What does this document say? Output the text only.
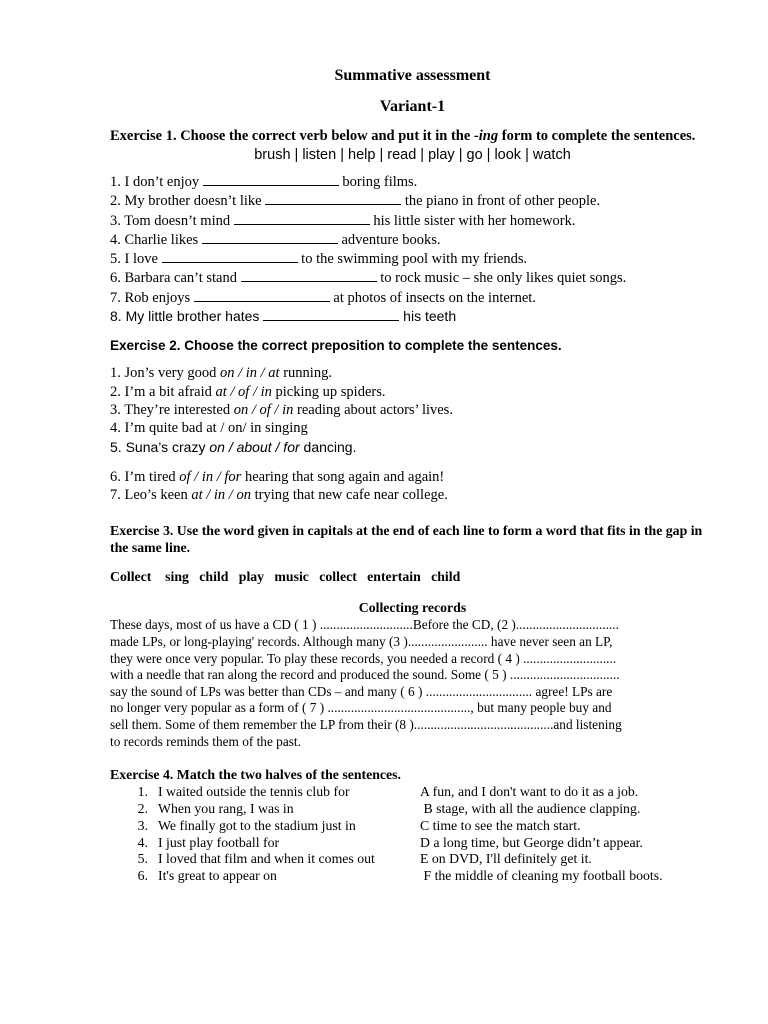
Summative assessment
Variant-1
Exercise 1. Choose the correct verb below and put it in the -ing form to complete the sentences.
brush | listen | help | read | play | go | look | watch
1. I don’t enjoy	boring films.
2. My brother doesn’t like	the piano in front of other people.
3. Tom doesn’t mind	his little sister with her homework.
4. Charlie likes	adventure books.
5. I love	to the swimming pool with my friends.
6. Barbara can’t stand	to rock music – she only likes quiet songs.
7. Rob enjoys	at photos of insects on the internet.
8. My little brother hates	his teeth
Exercise 2. Choose the correct preposition to complete the sentences.
1. Jon’s very good on / in / at running.
2. I’m a bit afraid at / of / in picking up spiders.
3. They’re interested on / of / in reading about actors’ lives.
4. I’m quite bad at / on/ in singing
5. Suna’s crazy on / about / for dancing.
6. I’m tired of / in / for hearing that song again and again!
7. Leo’s keen at / in / on trying that new cafe near college.
Exercise 3. Use the word given in capitals at the end of each line to form a word that fits in the gap in the same line.
Collect    sing   child   play   music   collect   entertain   child
Collecting records
These days, most of us have a CD ( 1 ) ............................Before the CD, (2 )...............................
made LPs, or long-playing' records. Although many (3 )........................ have never seen an LP,
they were once very popular. To play these records, you needed a record ( 4 ) ............................
with a needle that ran along the record and produced the sound. Some ( 5 ) .................................
say the sound of LPs was better than CDs – and many ( 6 ) ................................ agree! LPs are
no longer very popular as a form of ( 7 ) ..........................................., but many people buy and
sell them. Some of them remember the LP from their (8 )..........................................and listening
to records reminds them of the past.
Exercise 4. Match the two halves of the sentences.
1. I waited outside the tennis club for	A fun, and I don't want to do it as a job.
2. When you rang, I was in	B stage, with all the audience clapping.
3. We finally got to the stadium just in	C time to see the match start.
4. I just play football for	D a long time, but George didn’t appear.
5. I loved that film and when it comes out	E on DVD, I'll definitely get it.
6. It's great to appear on	F the middle of cleaning my football boots.
